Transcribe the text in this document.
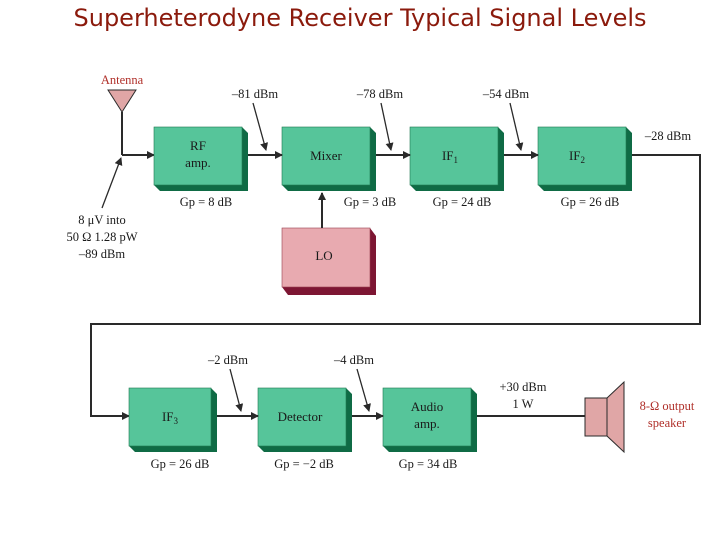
Superheterodyne Receiver Typical Signal Levels
Antenna
8 μV into
50 Ω 1.28 pW
–89 dBm
RF
amp.
Gp = 8 dB
Mixer
Gp = 3 dB
$IF_1$
Gp = 24 dB
$IF_2$
Gp = 26 dB
LO
–81 dBm	–78 dBm	–54 dBm
–28 dBm
$IF_3$
Gp = 26 dB
Detector
Gp = −2 dB
Audio
amp.
Gp = 34 dB
–2 dBm	–4 dBm
+30 dBm
1 W	8-Ω output
speaker
